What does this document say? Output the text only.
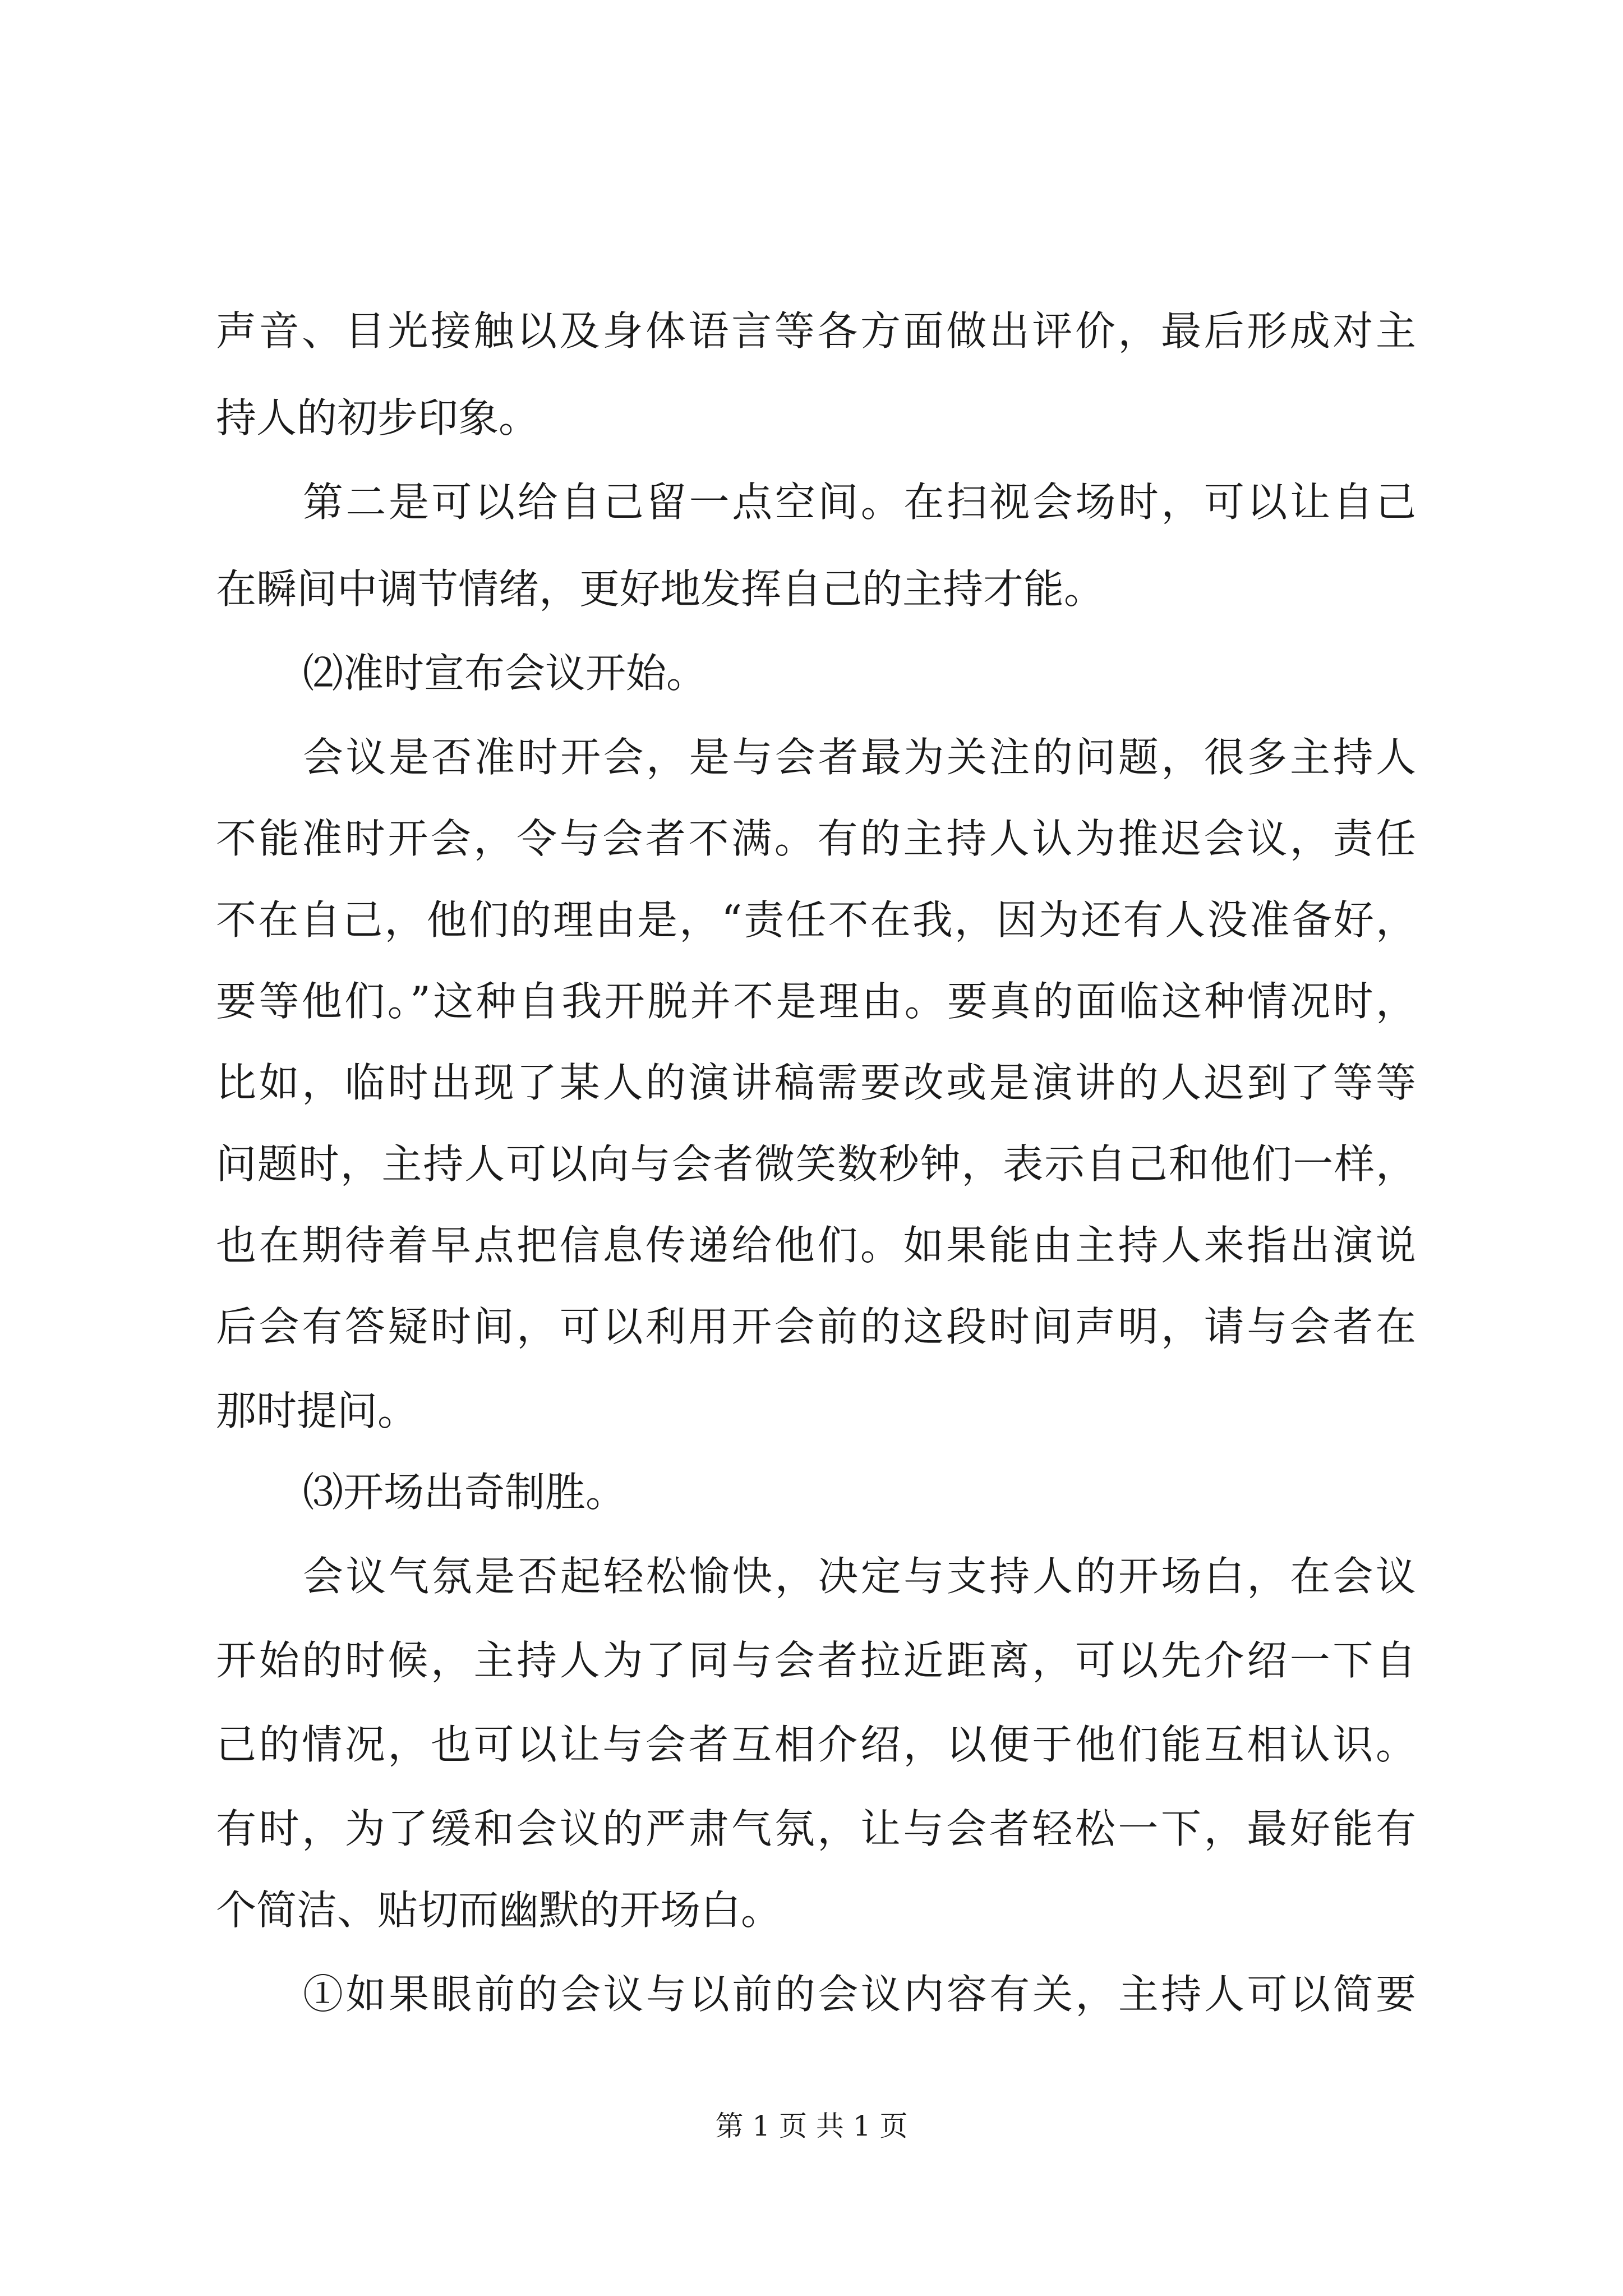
声音、目光接触以及身体语言等各方面做出评价，最后形成对主
持人的初步印象。
第二是可以给自己留一点空间。在扫视会场时，可以让自己
在瞬间中调节情绪，更好地发挥自己的主持才能。
⑵准时宣布会议开始。
会议是否准时开会，是与会者最为关注的问题，很多主持人
不能准时开会，令与会者不满。有的主持人认为推迟会议，责任
不在自己，他们的理由是，“责任不在我，因为还有人没准备好，
要等他们。”这种自我开脱并不是理由。要真的面临这种情况时，
比如，临时出现了某人的演讲稿需要改或是演讲的人迟到了等等
问题时，主持人可以向与会者微笑数秒钟，表示自己和他们一样，
也在期待着早点把信息传递给他们。如果能由主持人来指出演说
后会有答疑时间，可以利用开会前的这段时间声明，请与会者在
那时提问。
⑶开场出奇制胜。
会议气氛是否起轻松愉快，决定与支持人的开场白，在会议
开始的时候，主持人为了同与会者拉近距离，可以先介绍一下自
己的情况，也可以让与会者互相介绍，以便于他们能互相认识。
有时，为了缓和会议的严肃气氛，让与会者轻松一下，最好能有
个简洁、贴切而幽默的开场白。
①如果眼前的会议与以前的会议内容有关，主持人可以简要
第 1 页 共 1 页
